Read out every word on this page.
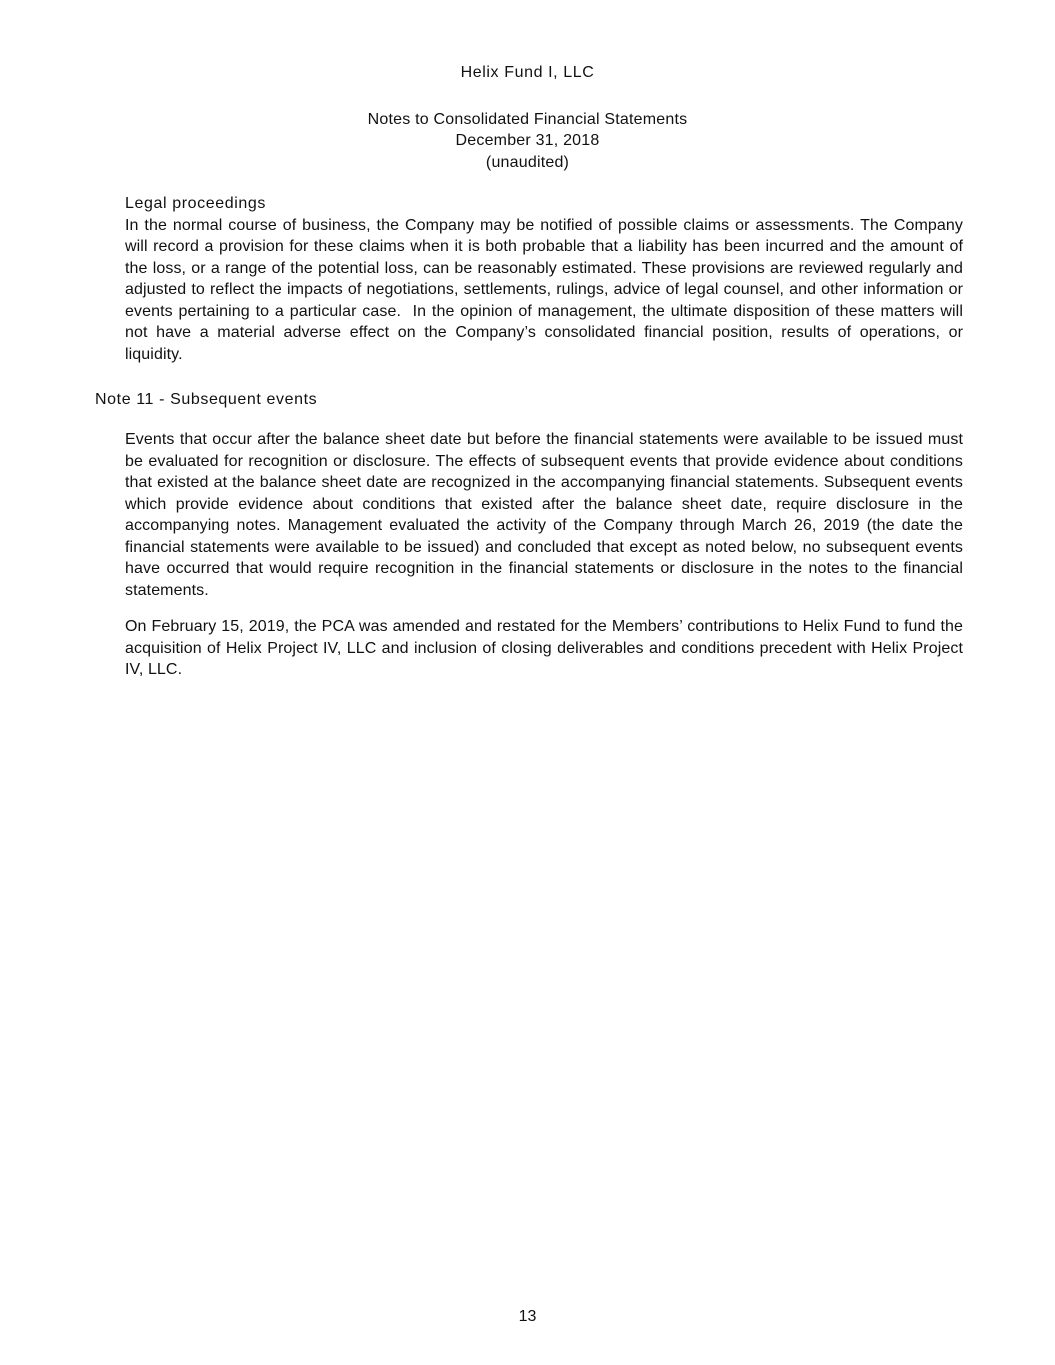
Helix Fund I, LLC
Notes to Consolidated Financial Statements
December 31, 2018
(unaudited)
Legal proceedings
In the normal course of business, the Company may be notified of possible claims or assessments. The Company will record a provision for these claims when it is both probable that a liability has been incurred and the amount of the loss, or a range of the potential loss, can be reasonably estimated. These provisions are reviewed regularly and adjusted to reflect the impacts of negotiations, settlements, rulings, advice of legal counsel, and other information or events pertaining to a particular case.  In the opinion of management, the ultimate disposition of these matters will not have a material adverse effect on the Company’s consolidated financial position, results of operations, or liquidity.
Note 11 - Subsequent events
Events that occur after the balance sheet date but before the financial statements were available to be issued must be evaluated for recognition or disclosure. The effects of subsequent events that provide evidence about conditions that existed at the balance sheet date are recognized in the accompanying financial statements. Subsequent events which provide evidence about conditions that existed after the balance sheet date, require disclosure in the accompanying notes. Management evaluated the activity of the Company through March 26, 2019 (the date the financial statements were available to be issued) and concluded that except as noted below, no subsequent events have occurred that would require recognition in the financial statements or disclosure in the notes to the financial statements.
On February 15, 2019, the PCA was amended and restated for the Members’ contributions to Helix Fund to fund the acquisition of Helix Project IV, LLC and inclusion of closing deliverables and conditions precedent with Helix Project IV, LLC.
13
